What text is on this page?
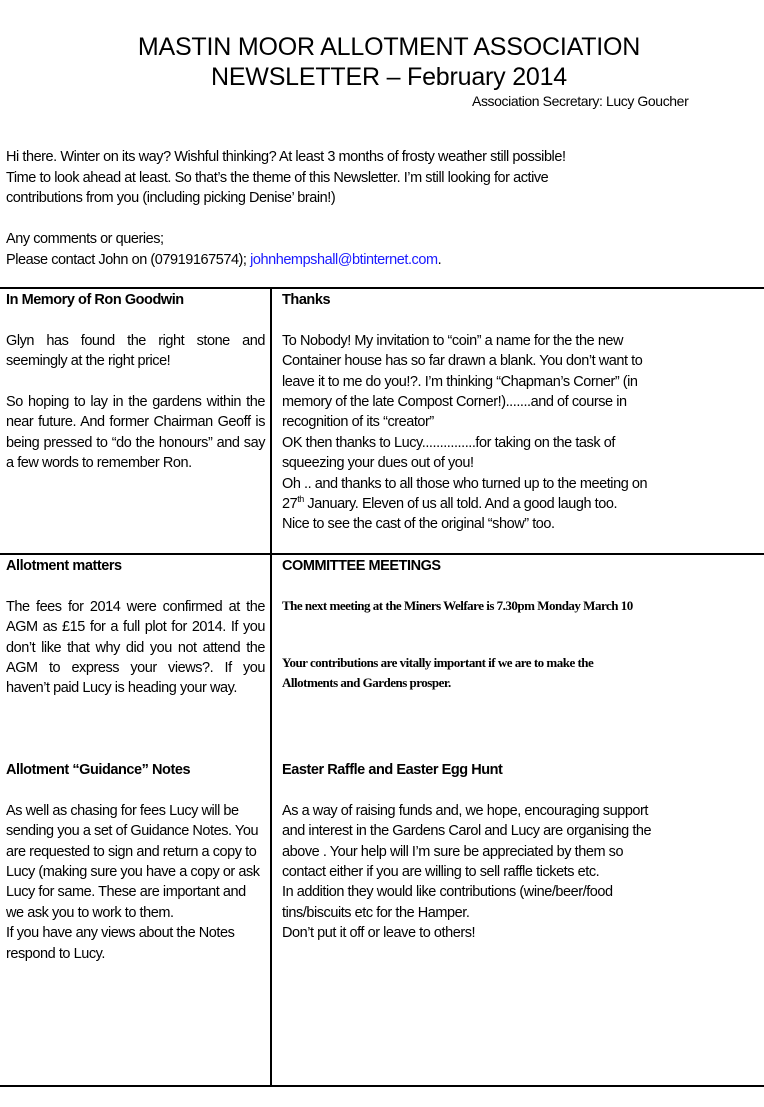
MASTIN MOOR ALLOTMENT ASSOCIATION
NEWSLETTER – February 2014
Association Secretary: Lucy Goucher
Hi there. Winter on its way? Wishful thinking? At least 3 months of frosty weather still possible!
Time to look ahead at least. So that’s the theme of this Newsletter. I’m still looking for active
contributions from you (including picking Denise’ brain!)
Any comments or queries;
Please contact John on (07919167574); johnhempshall@btinternet.com.
In Memory of Ron Goodwin

Glyn has found the right stone and seemingly at the right price!

So hoping to lay in the gardens within the near future. And former Chairman Geoff is being pressed to “do the honours” and say a few words to remember Ron.

Thanks
To Nobody! My invitation to “coin” a name for the the new
Container house has so far drawn a blank. You don’t want to
leave it to me do you!?. I’m thinking “Chapman’s Corner” (in
memory of the late Compost Corner!).......and of course in
recognition of its “creator”
OK then thanks to Lucy...............for taking on the task of
squeezing your dues out of you!
Oh .. and thanks to all those who turned up to the meeting on
27th January. Eleven of us all told. And a good laugh too.
Nice to see the cast of the original “show” too.
Allotment matters

The fees for 2014 were confirmed at the AGM as £15 for a full plot for 2014. If you don’t like that why did you not attend the AGM to express your views?. If you haven’t paid Lucy is heading your way.

Allotment “Guidance” Notes

As well as chasing for fees Lucy will be sending you a set of Guidance Notes. You are requested to sign and return a copy to Lucy (making sure you have a copy or ask Lucy for same. These are important and we ask you to work to them.

If you have any views about the Notes respond to Lucy.

COMMITTEE MEETINGS
The next meeting at the Miners Welfare is 7.30pm Monday March 10
Your contributions are vitally important if we are to make the
Allotments and Gardens prosper.
Easter Raffle and Easter Egg Hunt
As a way of raising funds and, we hope, encouraging support
and interest in the Gardens Carol and Lucy are organising the
above . Your help will I’m sure be appreciated by them so
contact either if you are willing to sell raffle tickets etc.
In addition they would like contributions (wine/beer/food
tins/biscuits etc for the Hamper.
Don’t put it off or leave to others!
